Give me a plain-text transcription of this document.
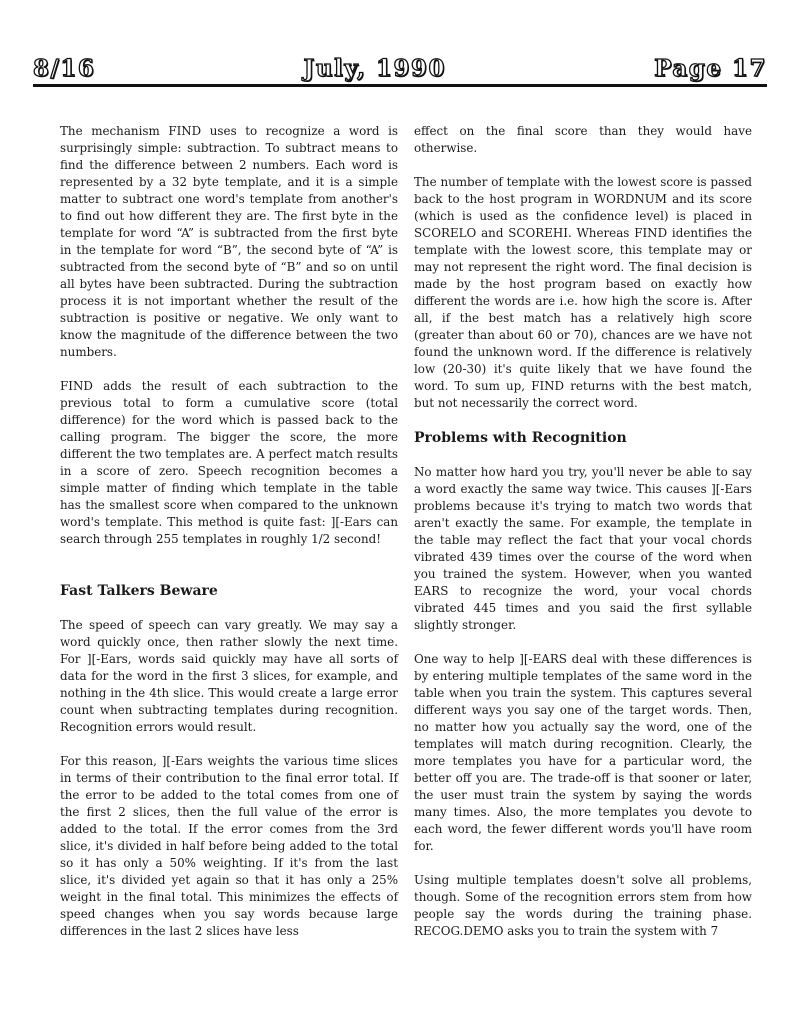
8/16	July, 1990	Page 17

The mechanism FIND uses to recognize a word is surprisingly simple: subtraction. To subtract means to find the difference between 2 numbers. Each word is represented by a 32 byte template, and it is a simple matter to subtract one word's template from another's to find out how different they are. The first byte in the template for word “A” is subtracted from the first byte in the template for word “B”, the second byte of “A” is subtracted from the second byte of “B” and so on until all bytes have been subtracted. During the subtraction process it is not important whether the result of the subtraction is positive or negative. We only want to know the magnitude of the difference between the two numbers.

FIND adds the result of each subtraction to the previous total to form a cumulative score (total difference) for the word which is passed back to the calling program. The bigger the score, the more different the two templates are. A perfect match results in a score of zero. Speech recognition becomes a simple matter of finding which template in the table has the smallest score when compared to the unknown word's template. This method is quite fast: ][-Ears can search through 255 templates in roughly 1/2 second!

Fast Talkers Beware

The speed of speech can vary greatly. We may say a word quickly once, then rather slowly the next time. For ][-Ears, words said quickly may have all sorts of data for the word in the first 3 slices, for example, and nothing in the 4th slice. This would create a large error count when subtracting templates during recognition. Recognition errors would result.

For this reason, ][-Ears weights the various time slices in terms of their contribution to the final error total. If the error to be added to the total comes from one of the first 2 slices, then the full value of the error is added to the total. If the error comes from the 3rd slice, it's divided in half before being added to the total so it has only a 50% weighting. If it's from the last slice, it's divided yet again so that it has only a 25% weight in the final total. This minimizes the effects of speed changes when you say words because large differences in the last 2 slices have less

effect on the final score than they would have otherwise.

The number of template with the lowest score is passed back to the host program in WORDNUM and its score (which is used as the confidence level) is placed in SCORELO and SCOREHI. Whereas FIND identifies the template with the lowest score, this template may or may not represent the right word. The final decision is made by the host program based on exactly how different the words are i.e. how high the score is. After all, if the best match has a relatively high score (greater than about 60 or 70), chances are we have not found the unknown word. If the difference is relatively low (20-30) it's quite likely that we have found the word. To sum up, FIND returns with the best match, but not necessarily the correct word.

Problems with Recognition

No matter how hard you try, you'll never be able to say a word exactly the same way twice. This causes ][-Ears problems because it's trying to match two words that aren't exactly the same. For example, the template in the table may reflect the fact that your vocal chords vibrated 439 times over the course of the word when you trained the system. However, when you wanted EARS to recognize the word, your vocal chords vibrated 445 times and you said the first syllable slightly stronger.

One way to help ][-EARS deal with these differences is by entering multiple templates of the same word in the table when you train the system. This captures several different ways you say one of the target words. Then, no matter how you actually say the word, one of the templates will match during recognition. Clearly, the more templates you have for a particular word, the better off you are. The trade-off is that sooner or later, the user must train the system by saying the words many times. Also, the more templates you devote to each word, the fewer different words you'll have room for.

Using multiple templates doesn't solve all problems, though. Some of the recognition errors stem from how people say the words during the training phase. RECOG.DEMO asks you to train the system with 7
